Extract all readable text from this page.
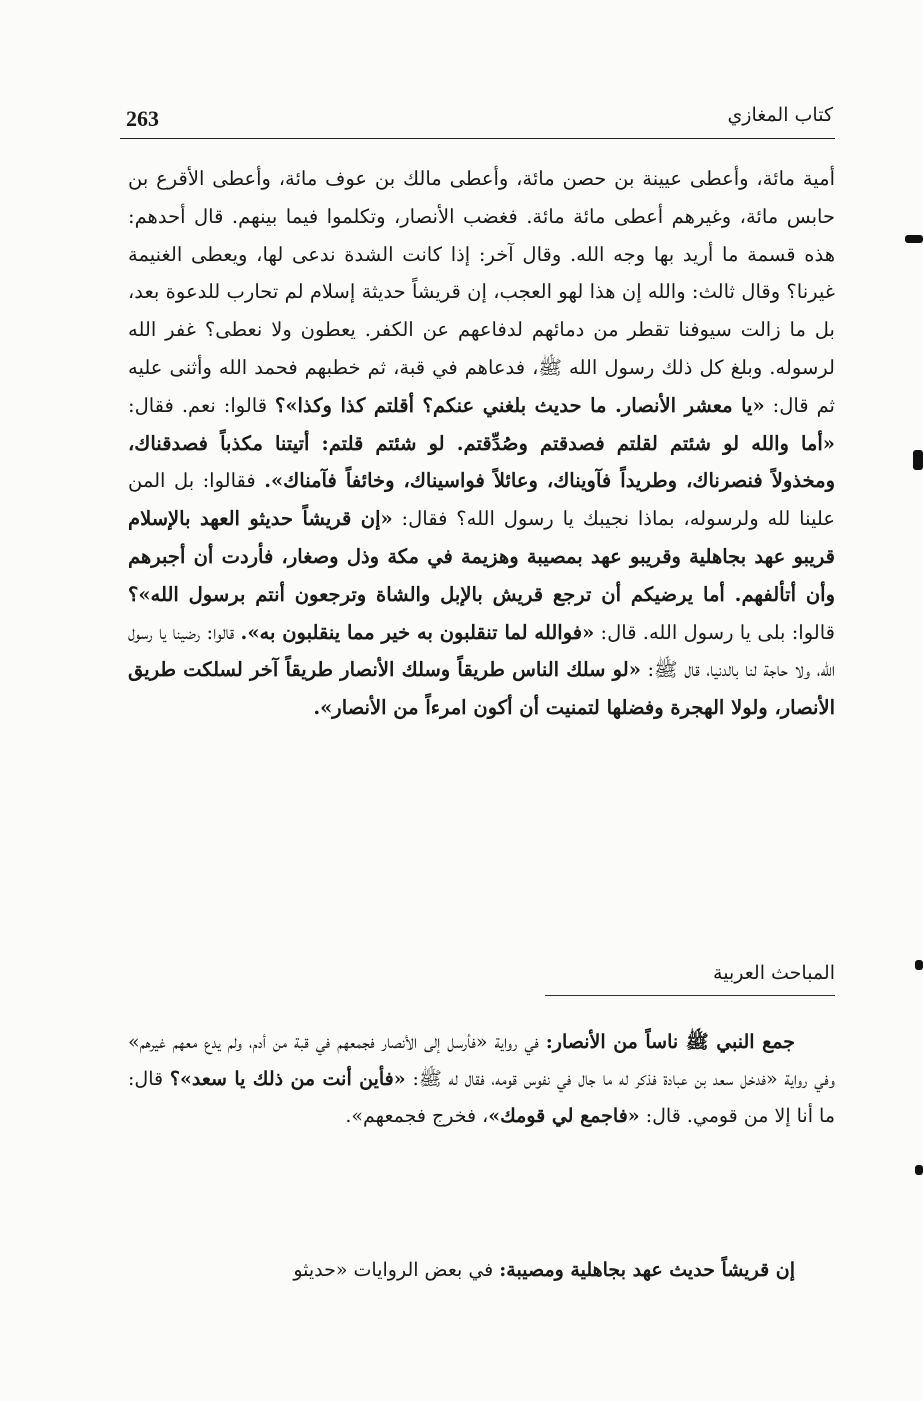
263	كتاب المغازي
أمية مائة، وأعطى عيينة بن حصن مائة، وأعطى مالك بن عوف مائة، وأعطى الأقرع بن حابس مائة، وغيرهم أعطى مائة مائة. فغضب الأنصار، وتكلموا فيما بينهم. قال أحدهم: هذه قسمة ما أريد بها وجه الله. وقال آخر: إذا كانت الشدة ندعى لها، ويعطى الغنيمة غيرنا؟ وقال ثالث: والله إن هذا لهو العجب، إن قريشاً حديثة إسلام لم تحارب للدعوة بعد، بل ما زالت سيوفنا تقطر من دمائهم لدفاعهم عن الكفر. يعطون ولا نعطى؟ غفر الله لرسوله. وبلغ كل ذلك رسول الله ﷺ، فدعاهم في قبة، ثم خطبهم فحمد الله وأثنى عليه ثم قال: «يا معشر الأنصار. ما حديث بلغني عنكم؟ أقلتم كذا وكذا»؟ قالوا: نعم. فقال: «أما والله لو شئتم لقلتم فصدقتم وصُدِّقتم. لو شئتم قلتم: أتيتنا مكذباً فصدقناك، ومخذولاً فنصرناك، وطريداً فآويناك، وعائلاً فواسيناك، وخائفاً فآمناك». فقالوا: بل المن علينا لله ولرسوله، بماذا نجيبك يا رسول الله؟ فقال: «إن قريشاً حديثو العهد بالإسلام قريبو عهد بجاهلية وقريبو عهد بمصيبة وهزيمة في مكة وذل وصغار، فأردت أن أجبرهم وأن أتألفهم. أما يرضيكم أن ترجع قريش بالإبل والشاة وترجعون أنتم برسول الله»؟ قالوا: بلى يا رسول الله. قال: «فوالله لما تنقلبون به خير مما ينقلبون به». قالوا: رضينا يا رسول الله، ولا حاجة لنا بالدنيا، قال ﷺ: «لو سلك الناس طريقاً وسلك الأنصار طريقاً آخر لسلكت طريق الأنصار، ولولا الهجرة وفضلها لتمنيت أن أكون امرءاً من الأنصار».
المباحث العربية

جمع النبي ﷺ ناساً من الأنصار: في رواية «فأرسل إلى الأنصار فجمعهم في قبة من أدم، ولم يدع معهم غيرهم» وفي رواية «فدخل سعد بن عبادة فذكر له ما جال في نفوس قومه، فقال له ﷺ: «فأين أنت من ذلك يا سعد»؟ قال: ما أنا إلا من قومي. قال: «فاجمع لي قومك»، فخرج فجمعهم».

إن قريشاً حديث عهد بجاهلية ومصيبة: في بعض الروايات «حديثو
